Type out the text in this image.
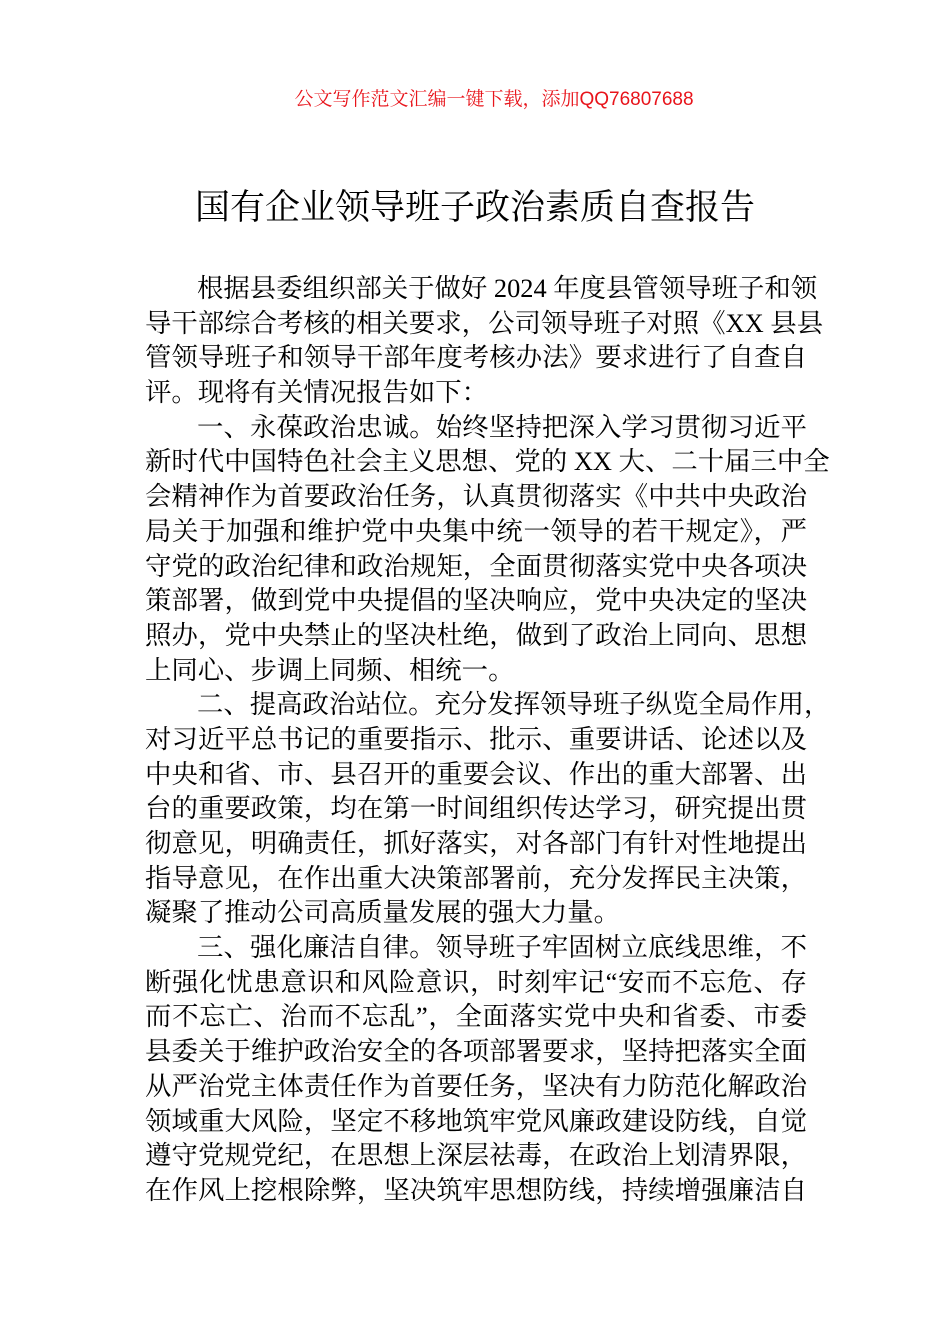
公文写作范文汇编一键下载，添加QQ76807688
国有企业领导班子政治素质自查报告
根据县委组织部关于做好 2024 年度县管领导班子和领
导干部综合考核的相关要求，公司领导班子对照《XX 县县
管领导班子和领导干部年度考核办法》要求进行了自查自
评。现将有关情况报告如下：
一、永葆政治忠诚。始终坚持把深入学习贯彻习近平
新时代中国特色社会主义思想、党的 XX 大、二十届三中全
会精神作为首要政治任务，认真贯彻落实《中共中央政治
局关于加强和维护党中央集中统一领导的若干规定》，严
守党的政治纪律和政治规矩，全面贯彻落实党中央各项决
策部署，做到党中央提倡的坚决响应，党中央决定的坚决
照办，党中央禁止的坚决杜绝，做到了政治上同向、思想
上同心、步调上同频、相统一。
二、提高政治站位。充分发挥领导班子纵览全局作用，
对习近平总书记的重要指示、批示、重要讲话、论述以及
中央和省、市、县召开的重要会议、作出的重大部署、出
台的重要政策，均在第一时间组织传达学习，研究提出贯
彻意见，明确责任，抓好落实，对各部门有针对性地提出
指导意见，在作出重大决策部署前，充分发挥民主决策，
凝聚了推动公司高质量发展的强大力量。
三、强化廉洁自律。领导班子牢固树立底线思维，不
断强化忧患意识和风险意识，时刻牢记“安而不忘危、存
而不忘亡、治而不忘乱”，全面落实党中央和省委、市委
县委关于维护政治安全的各项部署要求，坚持把落实全面
从严治党主体责任作为首要任务，坚决有力防范化解政治
领域重大风险，坚定不移地筑牢党风廉政建设防线，自觉
遵守党规党纪，在思想上深层祛毒，在政治上划清界限，
在作风上挖根除弊，坚决筑牢思想防线，持续增强廉洁自
